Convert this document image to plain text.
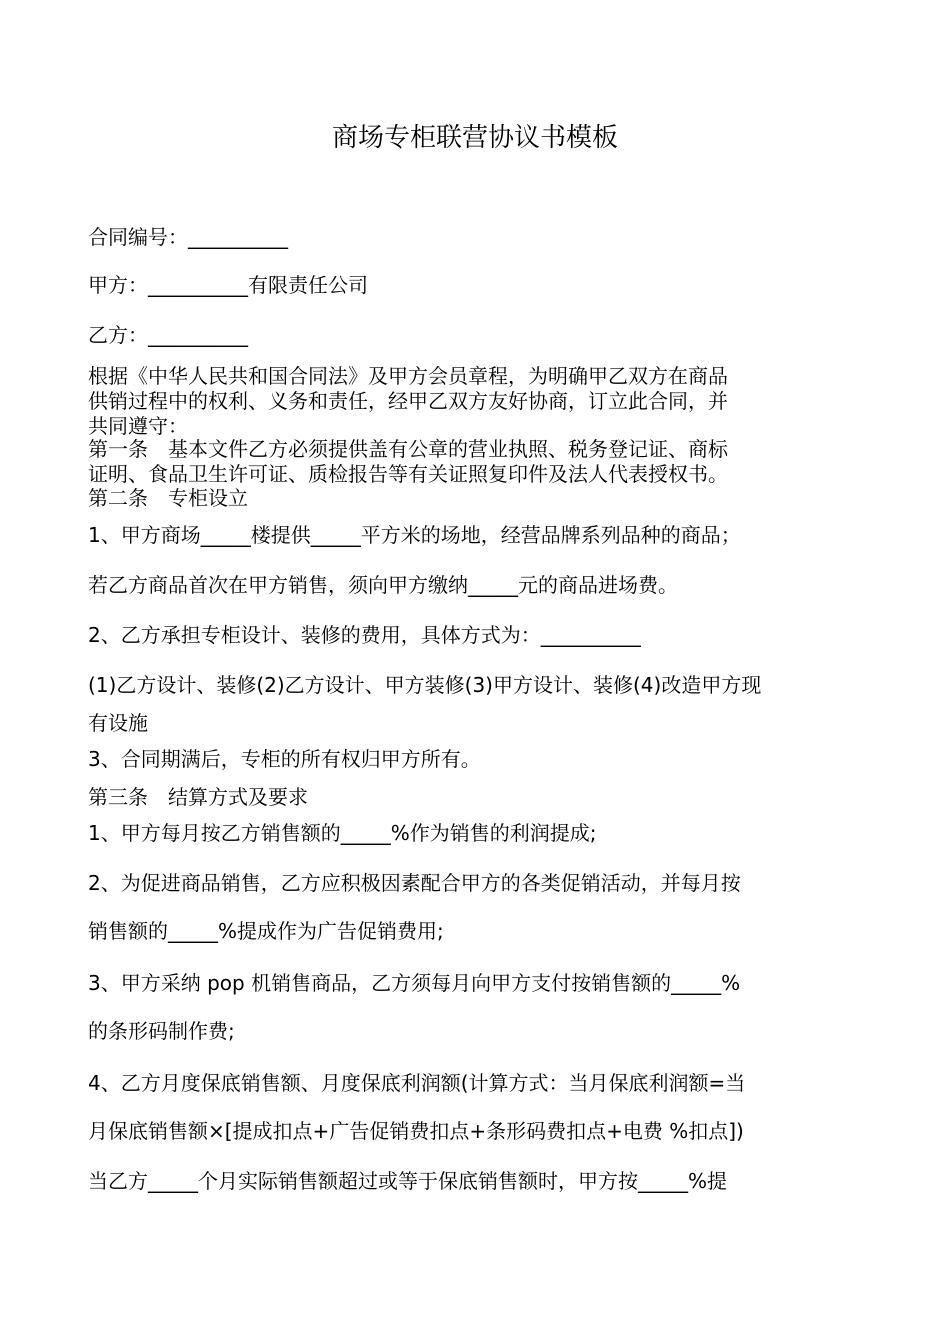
商场专柜联营协议书模板
合同编号：__________
甲方：__________有限责任公司
乙方：__________
根据《中华人民共和国合同法》及甲方会员章程，为明确甲乙双方在商品
供销过程中的权利、义务和责任，经甲乙双方友好协商，订立此合同，并
共同遵守：
第一条　基本文件乙方必须提供盖有公章的营业执照、税务登记证、商标
证明、食品卫生许可证、质检报告等有关证照复印件及法人代表授权书。
第二条　专柜设立
1、甲方商场_____楼提供_____平方米的场地，经营品牌系列品种的商品；
若乙方商品首次在甲方销售，须向甲方缴纳_____元的商品进场费。
2、乙方承担专柜设计、装修的费用，具体方式为：__________
(1)乙方设计、装修(2)乙方设计、甲方装修(3)甲方设计、装修(4)改造甲方现
有设施
3、合同期满后，专柜的所有权归甲方所有。
第三条　结算方式及要求
1、甲方每月按乙方销售额的_____%作为销售的利润提成;
2、为促进商品销售，乙方应积极因素配合甲方的各类促销活动，并每月按
销售额的_____%提成作为广告促销费用;
3、甲方采纳 pop 机销售商品，乙方须每月向甲方支付按销售额的_____%
的条形码制作费;
4、乙方月度保底销售额、月度保底利润额(计算方式：当月保底利润额=当
月保底销售额×[提成扣点+广告促销费扣点+条形码费扣点+电费 %扣点])
当乙方_____个月实际销售额超过或等于保底销售额时，甲方按_____%提
